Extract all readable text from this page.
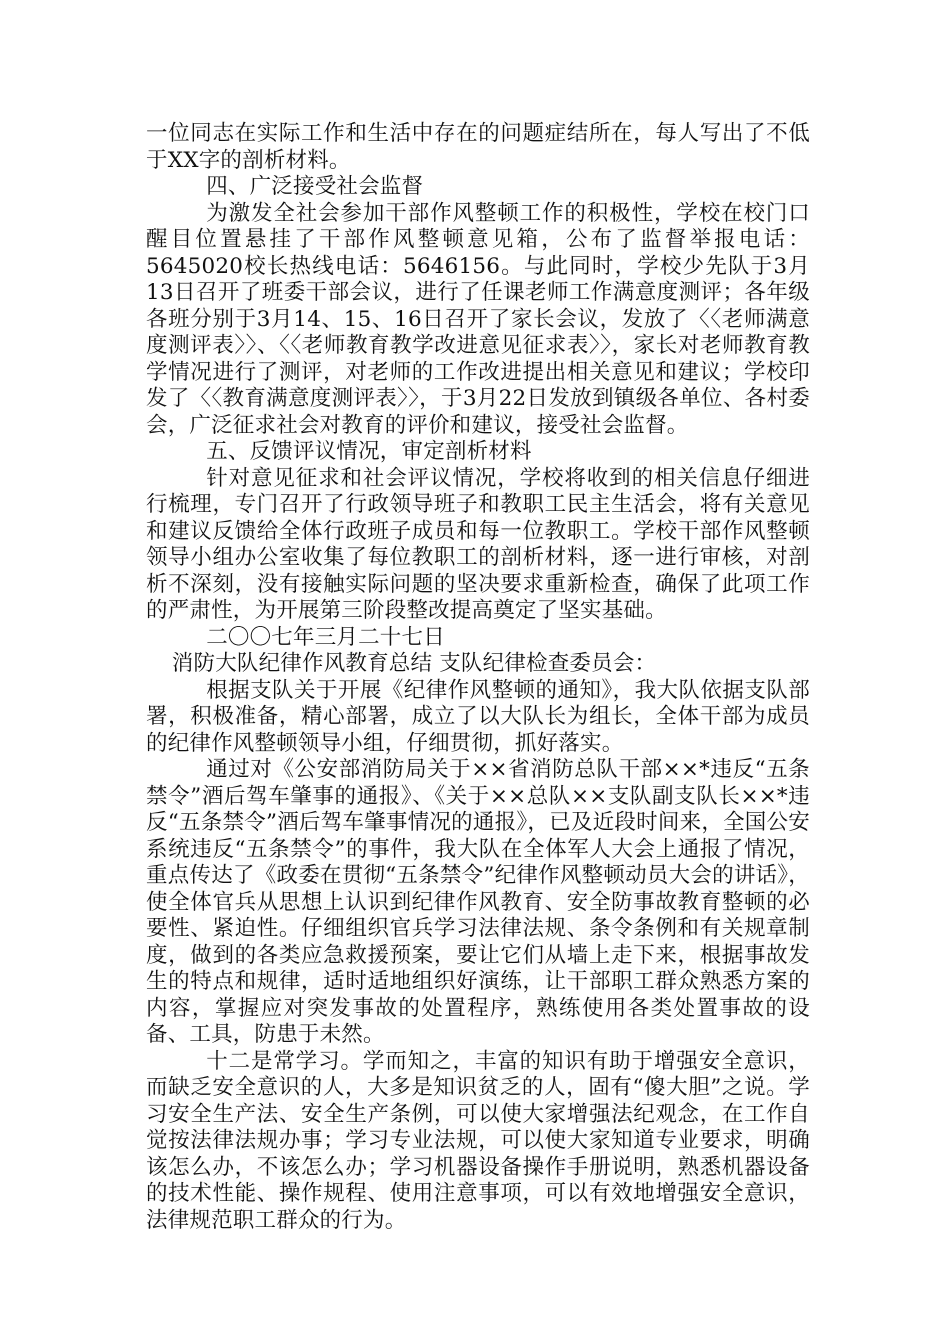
一位同志在实际工作和生活中存在的问题症结所在，每人写出了不低于XX字的剖析材料。

四、广泛接受社会监督

为激发全社会参加干部作风整顿工作的积极性，学校在校门口醒目位置悬挂了干部作风整顿意见箱，公布了监督举报电话：5645020校长热线电话：5646156。与此同时，学校少先队于3月13日召开了班委干部会议，进行了任课老师工作满意度测评；各年级各班分别于3月14、15、16日召开了家长会议，发放了〈〈老师满意度测评表〉〉、〈〈老师教育教学改进意见征求表〉〉，家长对老师教育教学情况进行了测评，对老师的工作改进提出相关意见和建议；学校印发了〈〈教育满意度测评表〉〉，于3月22日发放到镇级各单位、各村委会，广泛征求社会对教育的评价和建议，接受社会监督。

五、反馈评议情况，审定剖析材料

针对意见征求和社会评议情况，学校将收到的相关信息仔细进行梳理，专门召开了行政领导班子和教职工民主生活会，将有关意见和建议反馈给全体行政班子成员和每一位教职工。学校干部作风整顿领导小组办公室收集了每位教职工的剖析材料，逐一进行审核，对剖析不深刻，没有接触实际问题的坚决要求重新检查，确保了此项工作的严肃性，为开展第三阶段整改提高奠定了坚实基础。

二〇〇七年三月二十七日

消防大队纪律作风教育总结 支队纪律检查委员会：

根据支队关于开展《纪律作风整顿的通知》，我大队依据支队部署，积极准备，精心部署，成立了以大队长为组长，全体干部为成员的纪律作风整顿领导小组，仔细贯彻，抓好落实。

通过对《公安部消防局关于××省消防总队干部××*违反“五条禁令”酒后驾车肇事的通报》、《关于××总队××支队副支队长××*违反“五条禁令”酒后驾车肇事情况的通报》，已及近段时间来，全国公安系统违反“五条禁令”的事件，我大队在全体军人大会上通报了情况，重点传达了《政委在贯彻“五条禁令”纪律作风整顿动员大会的讲话》，使全体官兵从思想上认识到纪律作风教育、安全防事故教育整顿的必要性、紧迫性。仔细组织官兵学习法律法规、条令条例和有关规章制度，做到的各类应急救援预案，要让它们从墙上走下来，根据事故发生的特点和规律，适时适地组织好演练，让干部职工群众熟悉方案的内容，掌握应对突发事故的处置程序，熟练使用各类处置事故的设备、工具，防患于未然。

十二是常学习。学而知之，丰富的知识有助于增强安全意识，而缺乏安全意识的人，大多是知识贫乏的人，固有“傻大胆”之说。学习安全生产法、安全生产条例，可以使大家增强法纪观念，在工作自觉按法律法规办事；学习专业法规，可以使大家知道专业要求，明确该怎么办，不该怎么办；学习机器设备操作手册说明，熟悉机器设备的技术性能、操作规程、使用注意事项，可以有效地增强安全意识，法律规范职工群众的行为。
